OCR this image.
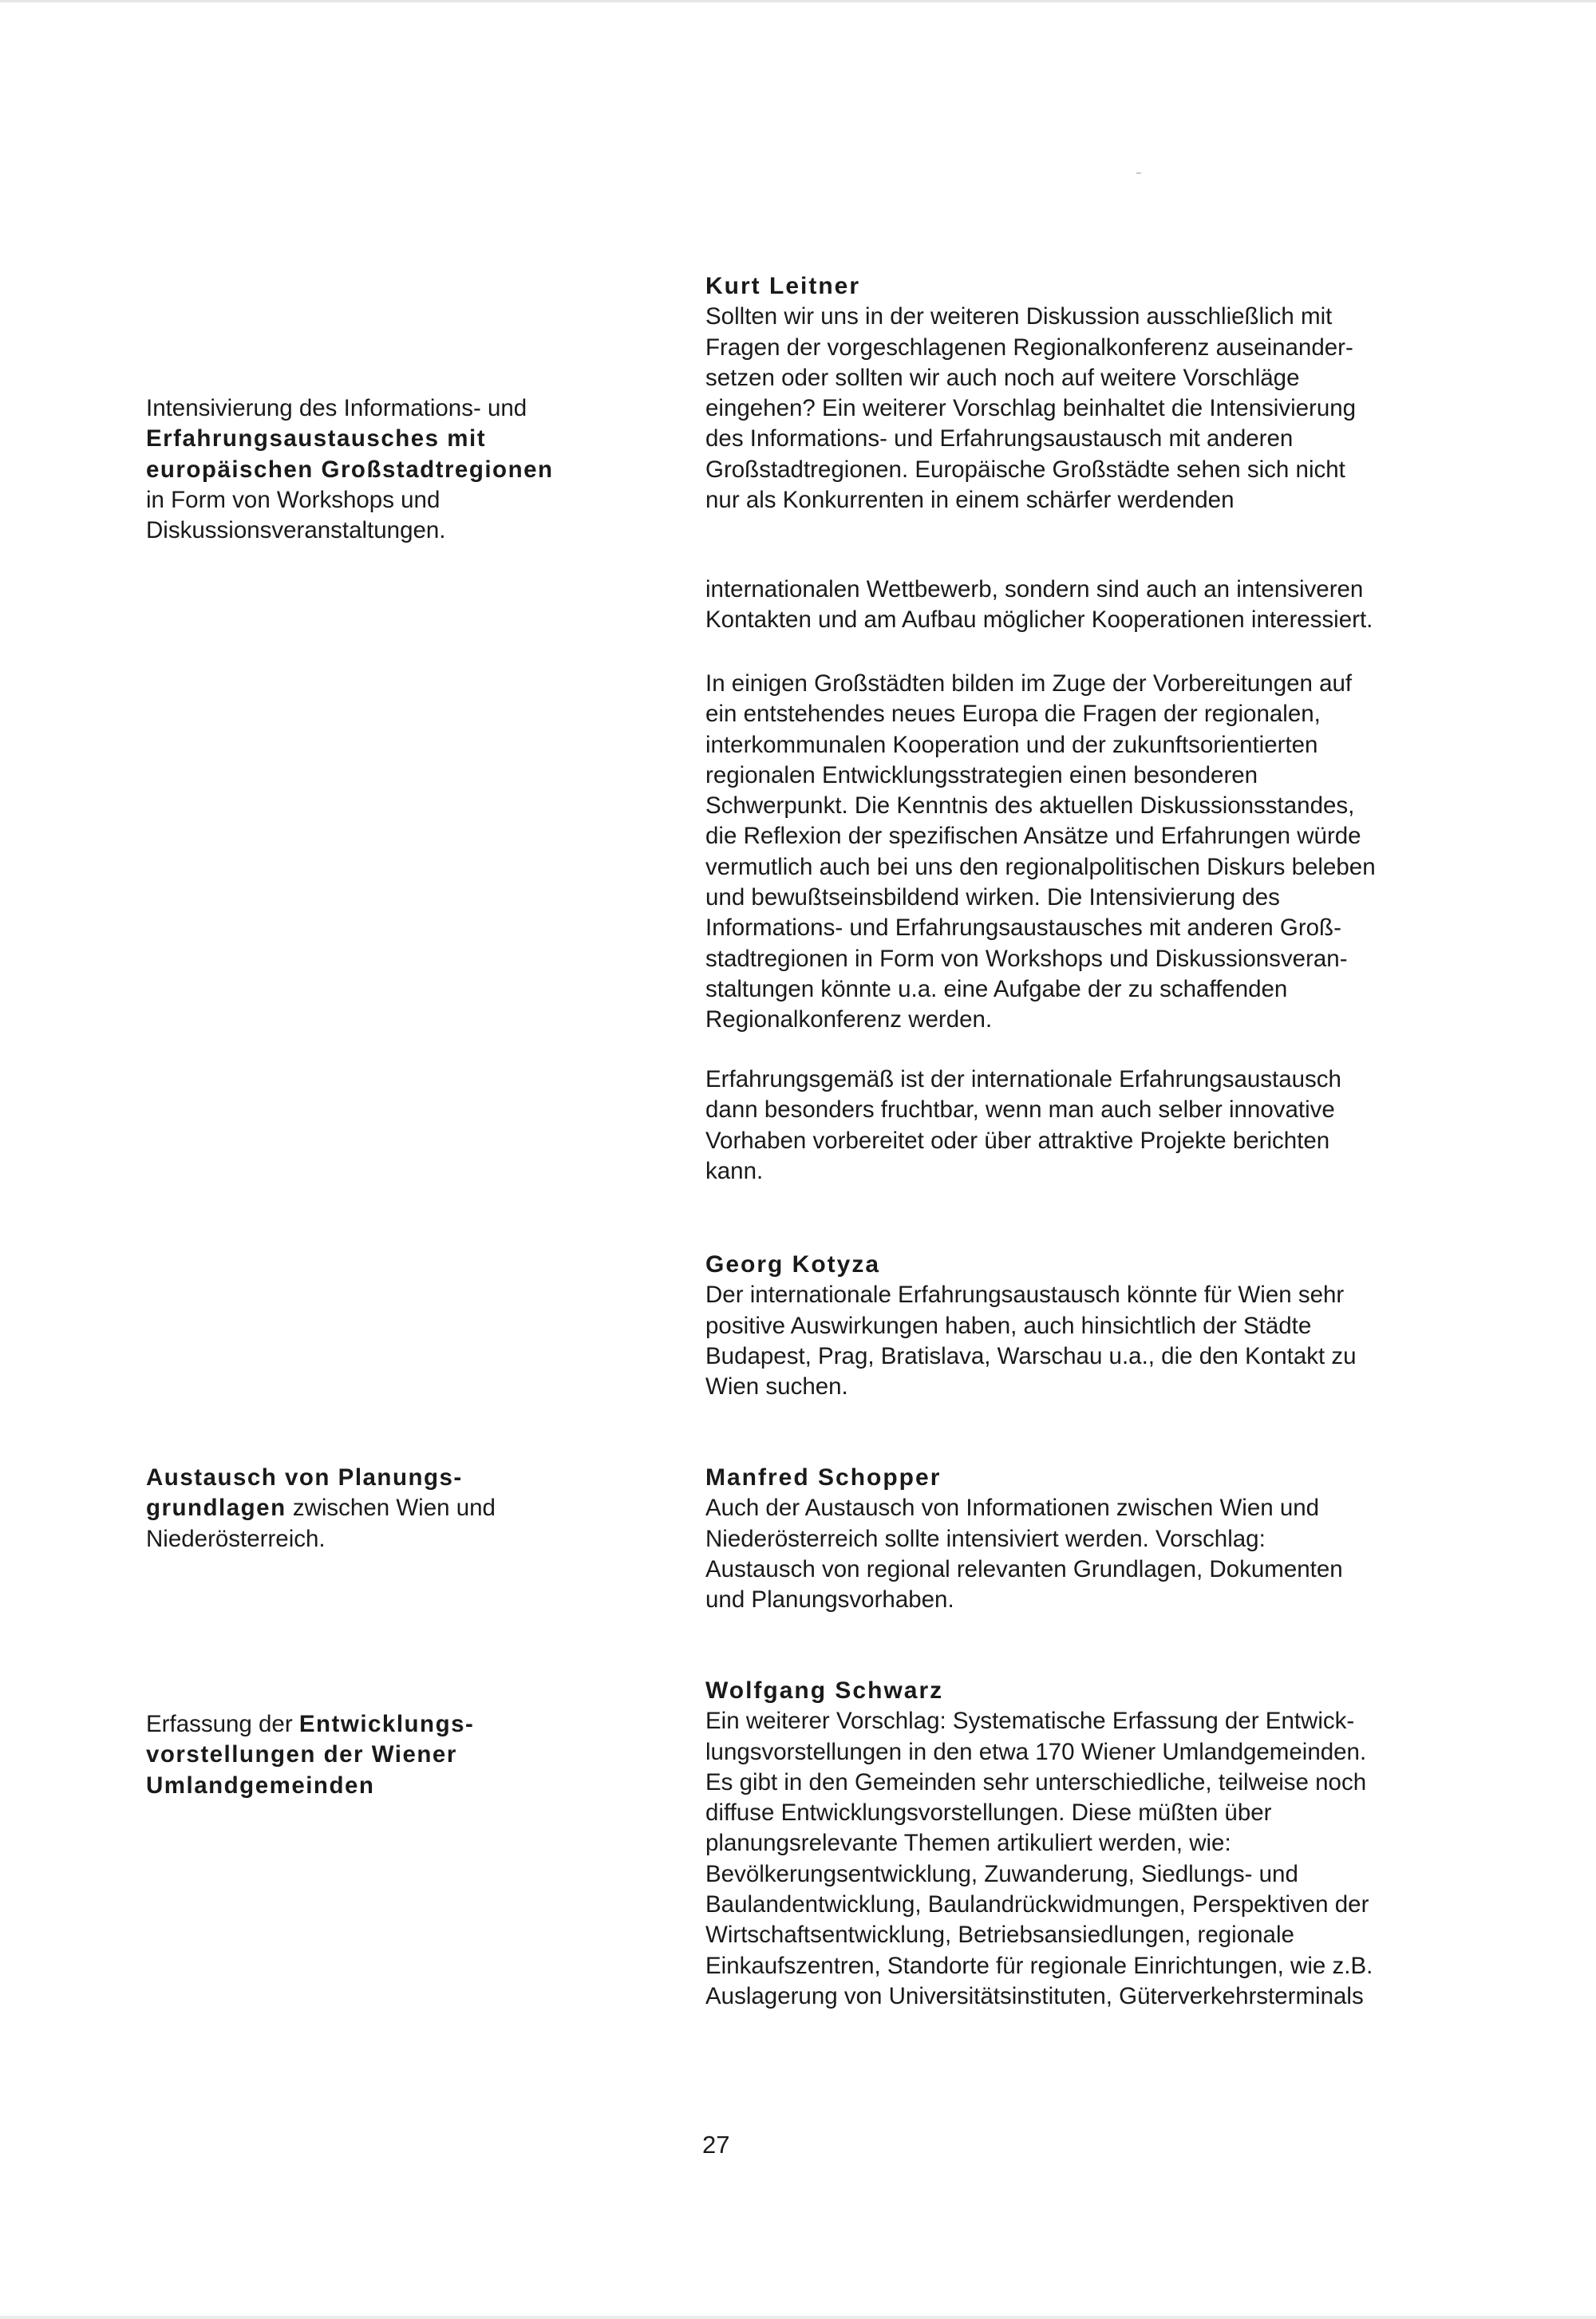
Intensivierung des Informations- und
Erfahrungsaustausches mit
europäischen Großstadtregionen
in Form von Workshops und
Diskussionsveranstaltungen.

Kurt Leitner

Sollten wir uns in der weiteren Diskussion ausschließlich mit
Fragen der vorgeschlagenen Regionalkonferenz auseinander-
setzen oder sollten wir auch noch auf weitere Vorschläge
eingehen? Ein weiterer Vorschlag beinhaltet die Intensivierung
des Informations- und Erfahrungsaustausch mit anderen
Großstadtregionen. Europäische Großstädte sehen sich nicht
nur als Konkurrenten in einem schärfer werdenden

internationalen Wettbewerb, sondern sind auch an intensiveren
Kontakten und am Aufbau möglicher Kooperationen interessiert.

In einigen Großstädten bilden im Zuge der Vorbereitungen auf
ein entstehendes neues Europa die Fragen der regionalen,
interkommunalen Kooperation und der zukunftsorientierten
regionalen Entwicklungsstrategien einen besonderen
Schwerpunkt. Die Kenntnis des aktuellen Diskussionsstandes,
die Reflexion der spezifischen Ansätze und Erfahrungen würde
vermutlich auch bei uns den regionalpolitischen Diskurs beleben
und bewußtseinsbildend wirken. Die Intensivierung des
Informations- und Erfahrungsaustausches mit anderen Groß-
stadtregionen in Form von Workshops und Diskussionsveran-
staltungen könnte u.a. eine Aufgabe der zu schaffenden
Regionalkonferenz werden.

Erfahrungsgemäß ist der internationale Erfahrungsaustausch
dann besonders fruchtbar, wenn man auch selber innovative
Vorhaben vorbereitet oder über attraktive Projekte berichten
kann.

Georg Kotyza

Der internationale Erfahrungsaustausch könnte für Wien sehr
positive Auswirkungen haben, auch hinsichtlich der Städte
Budapest, Prag, Bratislava, Warschau u.a., die den Kontakt zu
Wien suchen.

Austausch von Planungs-
grundlagen zwischen Wien und
Niederösterreich.

Manfred Schopper

Auch der Austausch von Informationen zwischen Wien und
Niederösterreich sollte intensiviert werden. Vorschlag:
Austausch von regional relevanten Grundlagen, Dokumenten
und Planungsvorhaben.

Erfassung der Entwicklungs-
vorstellungen der Wiener
Umlandgemeinden

Wolfgang Schwarz

Ein weiterer Vorschlag: Systematische Erfassung der Entwick-
lungsvorstellungen in den etwa 170 Wiener Umlandgemeinden.
Es gibt in den Gemeinden sehr unterschiedliche, teilweise noch
diffuse Entwicklungsvorstellungen. Diese müßten über
planungsrelevante Themen artikuliert werden, wie:
Bevölkerungsentwicklung, Zuwanderung, Siedlungs- und
Baulandentwicklung, Baulandrückwidmungen, Perspektiven der
Wirtschaftsentwicklung, Betriebsansiedlungen, regionale
Einkaufszentren, Standorte für regionale Einrichtungen, wie z.B.
Auslagerung von Universitätsinstituten, Güterverkehrsterminals

27
